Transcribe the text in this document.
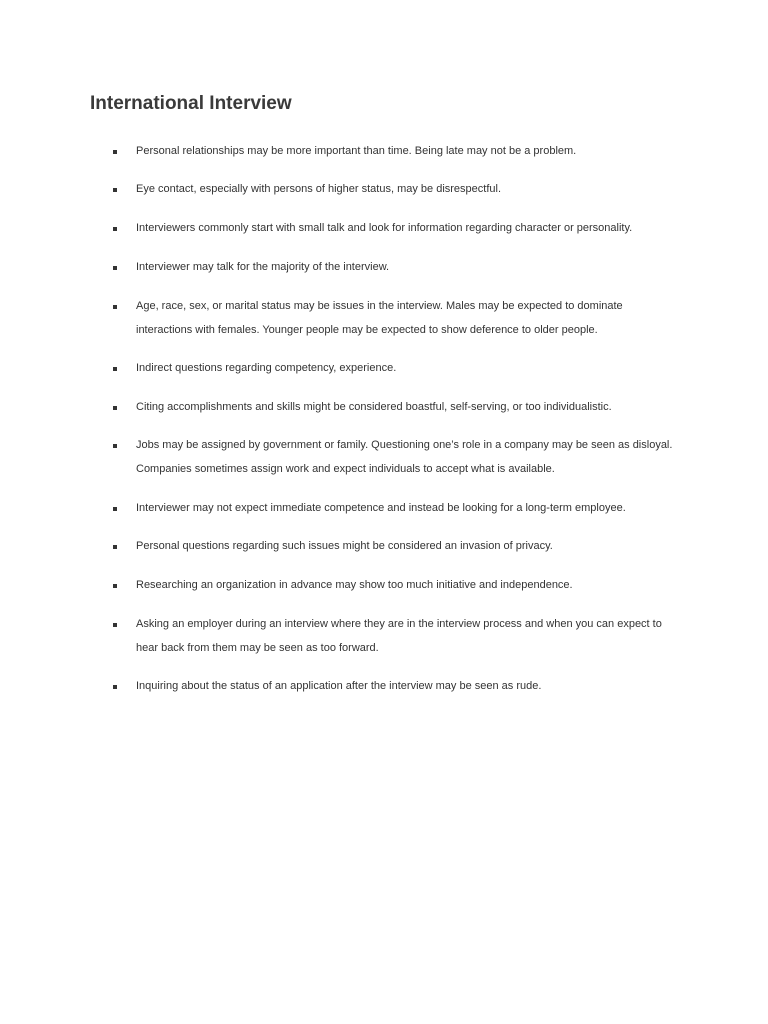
International Interview
Personal relationships may be more important than time. Being late may not be a problem.
Eye contact, especially with persons of higher status, may be disrespectful.
Interviewers commonly start with small talk and look for information regarding character or personality.
Interviewer may talk for the majority of the interview.
Age, race, sex, or marital status may be issues in the interview. Males may be expected to dominate interactions with females. Younger people may be expected to show deference to older people.
Indirect questions regarding competency, experience.
Citing accomplishments and skills might be considered boastful, self-serving, or too individualistic.
Jobs may be assigned by government or family. Questioning one’s role in a company may be seen as disloyal. Companies sometimes assign work and expect individuals to accept what is available.
Interviewer may not expect immediate competence and instead be looking for a long-term employee.
Personal questions regarding such issues might be considered an invasion of privacy.
Researching an organization in advance may show too much initiative and independence.
Asking an employer during an interview where they are in the interview process and when you can expect to hear back from them may be seen as too forward.
Inquiring about the status of an application after the interview may be seen as rude.
